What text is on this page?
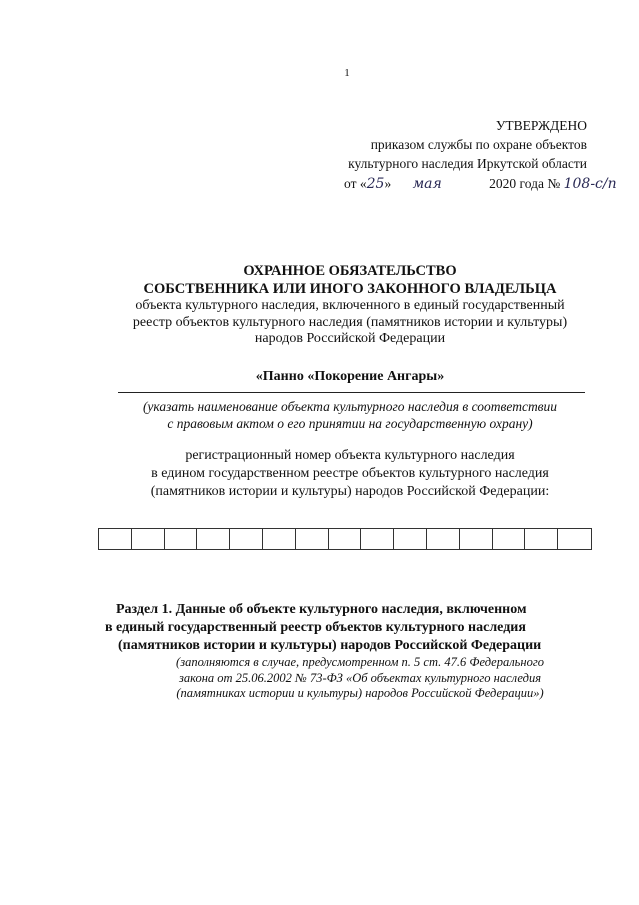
1
УТВЕРЖДЕНО
приказом службы по охране объектов
культурного наследия Иркутской области
от «25» мая	2020 года № 108-с/п
ОХРАННОЕ ОБЯЗАТЕЛЬСТВО
СОБСТВЕННИКА ИЛИ ИНОГО ЗАКОННОГО ВЛАДЕЛЬЦА
объекта культурного наследия, включенного в единый государственный
реестр объектов культурного наследия (памятников истории и культуры)
народов Российской Федерации
«Панно «Покорение Ангары»
(указать наименование объекта культурного наследия в соответствии
с правовым актом о его принятии на государственную охрану)
регистрационный номер объекта культурного наследия
в едином государственном реестре объектов культурного наследия
(памятников истории и культуры) народов Российской Федерации:
Раздел 1. Данные об объекте культурного наследия, включенном
в единый государственный реестр объектов культурного наследия
(памятников истории и культуры) народов Российской Федерации
(заполняются в случае, предусмотренном п. 5 ст. 47.6 Федерального
закона от 25.06.2002 № 73-ФЗ «Об объектах культурного наследия
(памятниках истории и культуры) народов Российской Федерации»)
